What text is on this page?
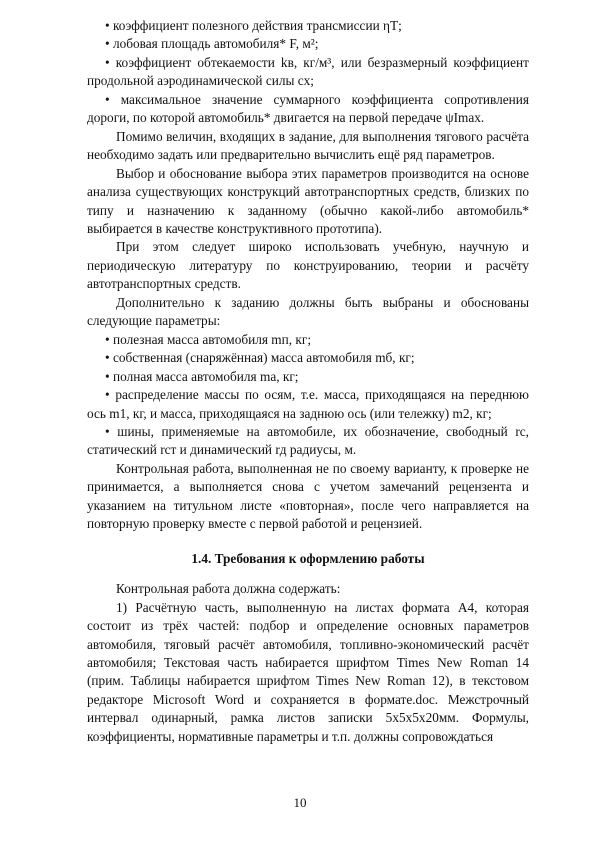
• коэффициент полезного действия трансмиссии ηТ;

• лобовая площадь автомобиля* F, м²;

• коэффициент обтекаемости kв, кг/м³, или безразмерный коэффициент продольной аэродинамической силы cx;

• максимальное значение суммарного коэффициента сопротивления дороги, по которой автомобиль* двигается на первой передаче ψImax.

Помимо величин, входящих в задание, для выполнения тягового расчёта необходимо задать или предварительно вычислить ещё ряд параметров.

Выбор и обоснование выбора этих параметров производится на основе анализа существующих конструкций автотранспортных средств, близких по типу и назначению к заданному (обычно какой-либо автомобиль* выбирается в качестве конструктивного прототипа).

При этом следует широко использовать учебную, научную и периодическую литературу по конструированию, теории и расчёту автотранспортных средств.

Дополнительно к заданию должны быть выбраны и обоснованы следующие параметры:

• полезная масса автомобиля mп, кг;

• собственная (снаряжённая) масса автомобиля mб, кг;

• полная масса автомобиля mа, кг;

• распределение массы по осям, т.е. масса, приходящаяся на переднюю ось m1, кг, и масса, приходящаяся на заднюю ось (или тележку) m2, кг;

• шины, применяемые на автомобиле, их обозначение, свободный rс, статический rст и динамический rд радиусы, м.

Контрольная работа, выполненная не по своему варианту, к проверке не принимается, а выполняется снова с учетом замечаний рецензента и указанием на титульном листе «повторная», после чего направляется на повторную проверку вместе с первой работой и рецензией.

1.4. Требования к оформлению работы

Контрольная работа должна содержать:

1) Расчётную часть, выполненную на листах формата А4, которая состоит из трёх частей: подбор и определение основных параметров автомобиля, тяговый расчёт автомобиля, топливно-экономический расчёт автомобиля; Текстовая часть набирается шрифтом Times New Roman 14 (прим. Таблицы набирается шрифтом Times New Roman 12), в текстовом редакторе Microsoft Word и сохраняется в формате.doc. Межстрочный интервал одинарный, рамка листов записки 5х5х5х20мм. Формулы, коэффициенты, нормативные параметры и т.п. должны сопровождаться

10
